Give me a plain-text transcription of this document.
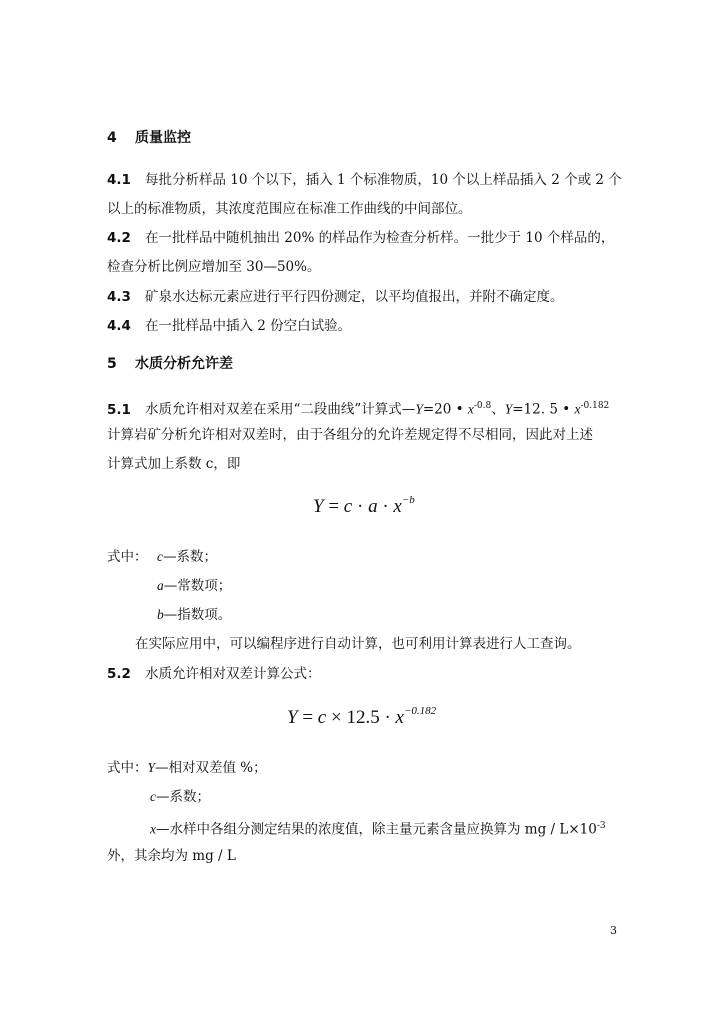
4 质量监控
4.1 每批分析样品 10 个以下，插入 1 个标准物质，10 个以上样品插入 2 个或 2 个
以上的标准物质，其浓度范围应在标准工作曲线的中间部位。
4.2 在一批样品中随机抽出 20% 的样品作为检查分析样。一批少于 10 个样品的，
检查分析比例应增加至 30—50%。
4.3 矿泉水达标元素应进行平行四份测定，以平均值报出，并附不确定度。
4.4 在一批样品中插入 2 份空白试验。
5 水质分析允许差
5.1 水质允许相对双差在采用“二段曲线”计算式—Y=20 • $x^{-0.8}$、Y=12. 5 • $x^{-0.182}$
计算岩矿分析允许相对双差时，由于各组分的允许差规定得不尽相同，因此对上述
计算式加上系数 c，即
$Y = c \cdot a \cdot x^{-b}$
式中： c—系数；
a—常数项；
b—指数项。
在实际应用中，可以编程序进行自动计算，也可利用计算表进行人工查询。
5.2 水质允许相对双差计算公式：
$Y = c \times 12.5 \cdot x^{-0.182}$
式中：Y—相对双差值 %；
c—系数；
x—水样中各组分测定结果的浓度值，除主量元素含量应换算为 mg / $L\times 10^{-3}$
外，其余均为 mg / L
3
